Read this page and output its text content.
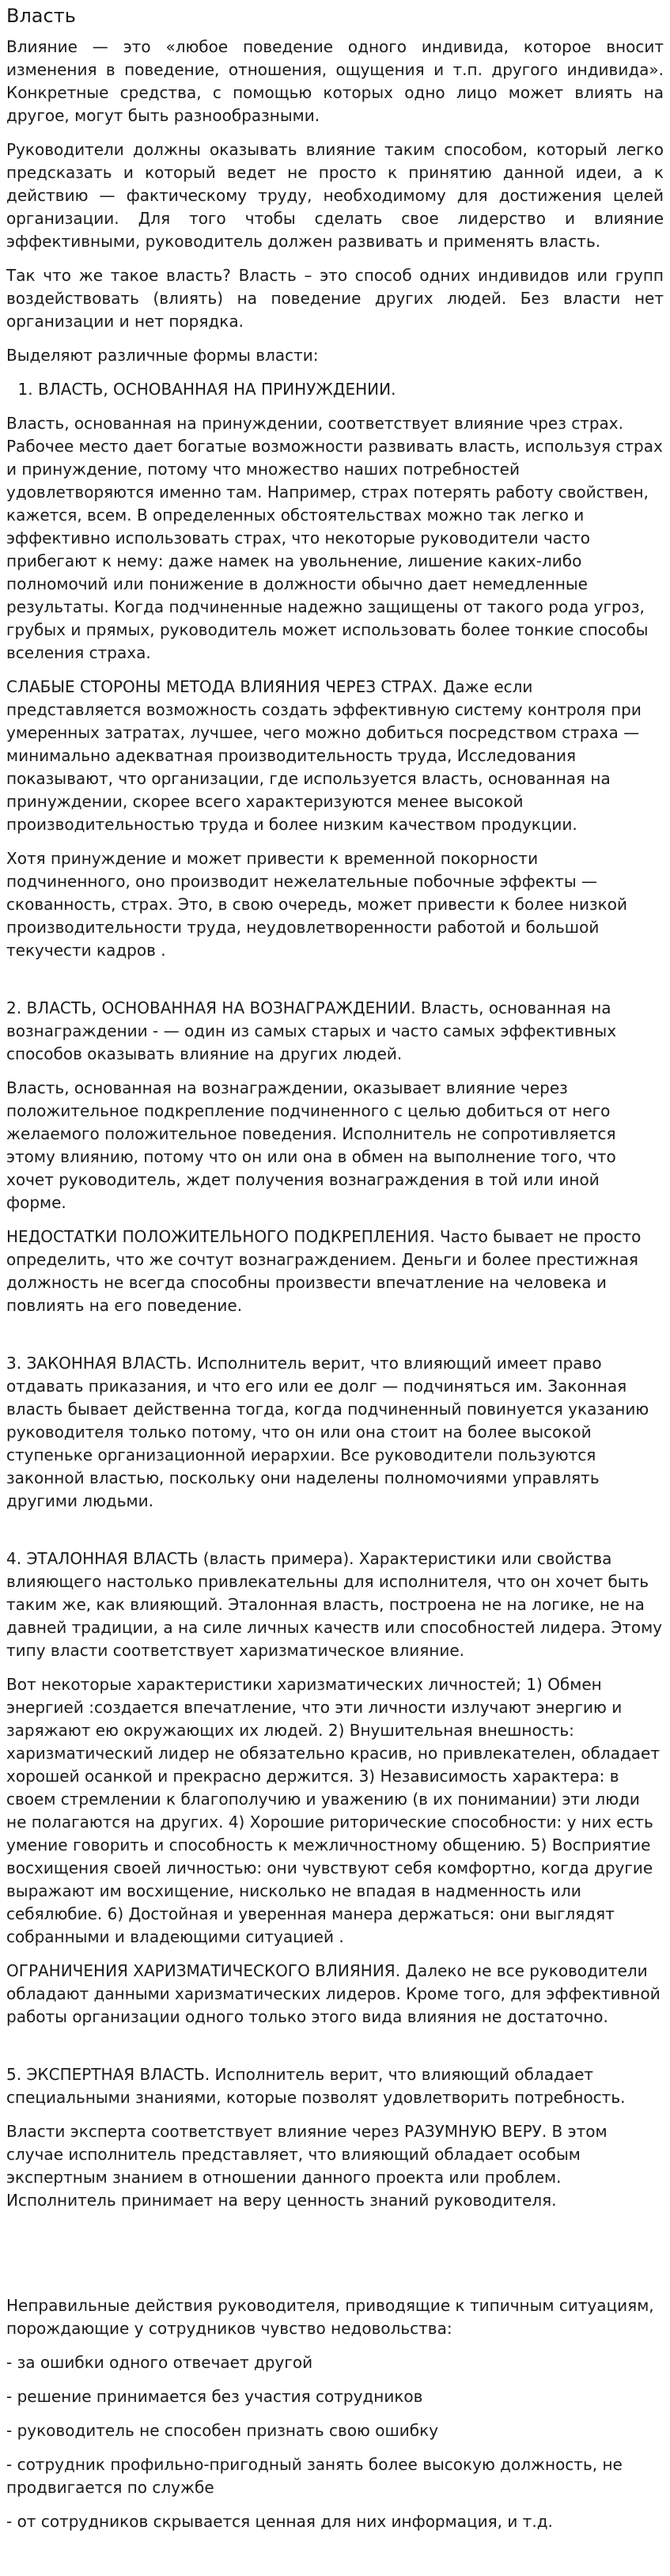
Власть

Влияние — это «любое поведение одного индивида, которое вносит изменения в поведение, отношения, ощущения и т.п. другого индивида». Конкретные средства, с помощью которых одно лицо может влиять на другое, могут быть разнообразными.

Руководители должны оказывать влияние таким способом, который легко предсказать и который ведет не просто к принятию данной идеи, а к действию — фактическому труду, необходимому для достижения целей организации. Для того чтобы сделать свое лидерство и влияние эффективными, руководитель должен развивать и применять власть.

Так что же такое власть? Власть – это способ одних индивидов или групп воздействовать (влиять) на поведение других людей. Без власти нет организации и нет порядка.

Выделяют различные формы власти:

1. ВЛАСТЬ, ОСНОВАННАЯ НА ПРИНУЖДЕНИИ.

Власть, основанная на принуждении, соответствует влияние чрез страх. Рабочее место дает богатые возможности развивать власть, используя страх и принуждение, потому что множество наших потребностей удовлетворяются именно там. Например, страх потерять работу свойствен, кажется, всем. В определенных обстоятельствах можно так легко и эффективно использовать страх, что некоторые руководители часто прибегают к нему: даже намек на увольнение, лишение каких-либо полномочий или понижение в должности обычно дает немедленные результаты. Когда подчиненные надежно защищены от такого рода угроз, грубых и прямых, руководитель может использовать более тонкие способы вселения страха.

СЛАБЫЕ СТОРОНЫ МЕТОДА ВЛИЯНИЯ ЧЕРЕЗ СТРАХ. Даже если представляется возможность создать эффективную систему контроля при умеренных затратах, лучшее, чего можно добиться посредством страха — минимально адекватная производительность труда, Исследования показывают, что организации, где используется власть, основанная на принуждении, скорее всего характеризуются менее высокой производительностью труда и более низким качеством продукции.

Хотя принуждение и может привести к временной покорности подчиненного, оно производит нежелательные побочные эффекты — скованность, страх. Это, в свою очередь, может привести к более низкой производительности труда, неудовлетворенности работой и большой текучести кадров .

2. ВЛАСТЬ, ОСНОВАННАЯ НА ВОЗНАГРАЖДЕНИИ. Власть, основанная на вознаграждении - — один из самых старых и часто самых эффективных способов оказывать влияние на других людей.

Власть, основанная на вознаграждении, оказывает влияние через положительное подкрепление подчиненного с целью добиться от него желаемого положительное поведения. Исполнитель не сопротивляется этому влиянию, потому что он или она в обмен на выполнение того, что хочет руководитель, ждет получения вознаграждения в той или иной форме.

НЕДОСТАТКИ ПОЛОЖИТЕЛЬНОГО ПОДКРЕПЛЕНИЯ. Часто бывает не просто определить, что же сочтут вознаграждением. Деньги и более престижная должность не всегда способны произвести впечатление на человека и повлиять на его поведение.

3. ЗАКОННАЯ ВЛАСТЬ. Исполнитель верит, что влияющий имеет право отдавать приказания, и что его или ее долг — подчиняться им. Законная власть бывает действенна тогда, когда подчиненный повинуется указанию руководителя только потому, что он или она стоит на более высокой ступеньке организационной иерархии. Все руководители пользуются законной властью, поскольку они наделены полномочиями управлять другими людьми.

4. ЭТАЛОННАЯ ВЛАСТЬ (власть примера). Характеристики или свойства влияющего настолько привлекательны для исполнителя, что он хочет быть таким же, как влияющий. Эталонная власть, построена не на логике, не на давней традиции, а на силе личных качеств или способностей лидера. Этому типу власти соответствует харизматическое влияние.

Вот некоторые характеристики харизматических личностей; 1) Обмен энергией :создается впечатление, что эти личности излучают энергию и заряжают ею окружающих их людей. 2) Внушительная внешность: харизматический лидер не обязательно красив, но привлекателен, обладает хорошей осанкой и прекрасно держится. 3) Независимость характера: в своем стремлении к благополучию и уважению (в их понимании) эти люди не полагаются на других. 4) Хорошие риторические способности: у них есть умение говорить и способность к межличностному общению. 5) Восприятие восхищения своей личностью: они чувствуют себя комфортно, когда другие выражают им восхищение, нисколько не впадая в надменность или себялюбие. 6) Достойная и уверенная манера держаться: они выглядят собранными и владеющими ситуацией .

ОГРАНИЧЕНИЯ ХАРИЗМАТИЧЕСКОГО ВЛИЯНИЯ. Далеко не все руководители обладают данными харизматических лидеров. Кроме того, для эффективной работы организации одного только этого вида влияния не достаточно.

5. ЭКСПЕРТНАЯ ВЛАСТЬ. Исполнитель верит, что влияющий обладает специальными знаниями, которые позволят удовлетворить потребность.

Власти эксперта соответствует влияние через РАЗУМНУЮ ВЕРУ. В этом случае исполнитель представляет, что влияющий обладает особым экспертным знанием в отношении данного проекта или проблем. Исполнитель принимает на веру ценность знаний руководителя.

Неправильные действия руководителя, приводящие к типичным ситуациям, порождающие у сотрудников чувство недовольства:

- за ошибки одного отвечает другой

- решение принимается без участия сотрудников

- руководитель не способен признать свою ошибку

- сотрудник профильно-пригодный занять более высокую должность, не продвигается по службе

- от сотрудников скрывается ценная для них информация, и т.д.
